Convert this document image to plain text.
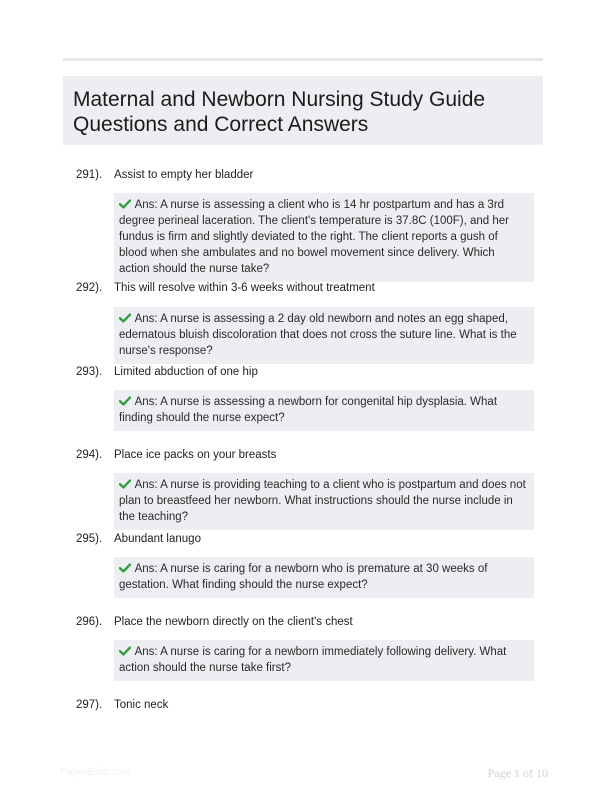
Maternal and Newborn Nursing Study Guide
Questions and Correct Answers
291). Assist to empty her bladder
Ans: A nurse is assessing a client who is 14 hr postpartum and has a 3rd degree perineal laceration. The client's temperature is 37.8C (100F), and her fundus is firm and slightly deviated to the right. The client reports a gush of blood when she ambulates and no bowel movement since delivery. Which action should the nurse take?
292). This will resolve within 3-6 weeks without treatment
Ans: A nurse is assessing a 2 day old newborn and notes an egg shaped, edematous bluish discoloration that does not cross the suture line. What is the nurse's response?
293). Limited abduction of one hip
Ans: A nurse is assessing a newborn for congenital hip dysplasia. What finding should the nurse expect?
294). Place ice packs on your breasts
Ans: A nurse is providing teaching to a client who is postpartum and does not plan to breastfeed her newborn. What instructions should the nurse include in the teaching?
295). Abundant lanugo
Ans: A nurse is caring for a newborn who is premature at 30 weeks of gestation. What finding should the nurse expect?
296). Place the newborn directly on the client's chest
Ans: A nurse is caring for a newborn immediately following delivery. What action should the nurse take first?
297). Tonic neck
PaperBidic.com	Page 1 of 10
